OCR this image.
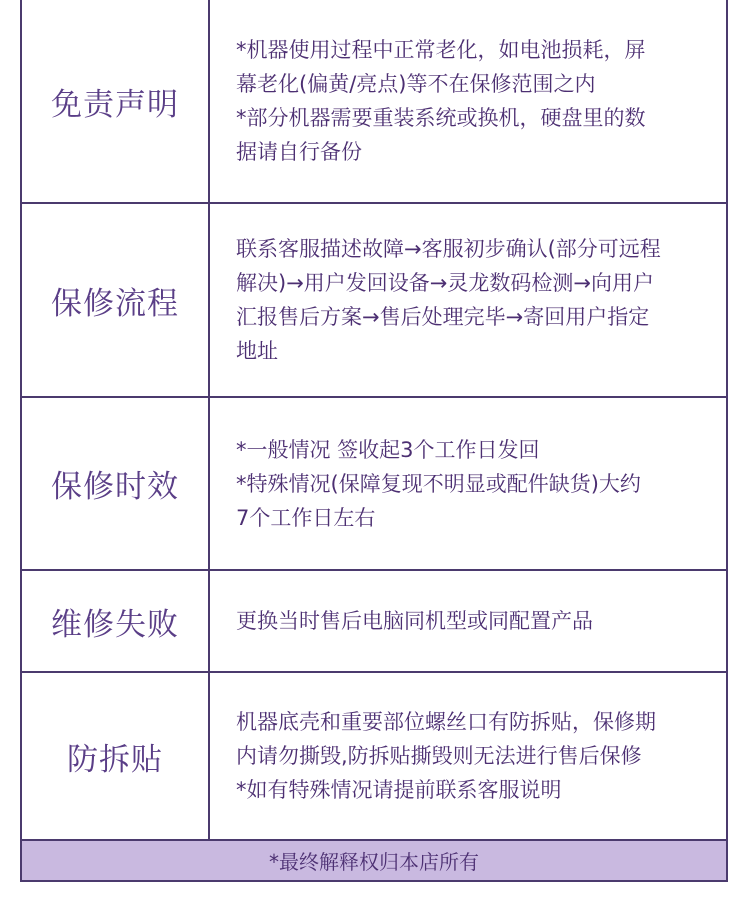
免责声明
*机器使用过程中正常老化，如电池损耗，屏
幕老化(偏黄/亮点)等不在保修范围之内
*部分机器需要重装系统或换机，硬盘里的数
据请自行备份
保修流程
联系客服描述故障→客服初步确认(部分可远程
解决)→用户发回设备→灵龙数码检测→向用户
汇报售后方案→售后处理完毕→寄回用户指定
地址
保修时效
*一般情况 签收起3个工作日发回
*特殊情况(保障复现不明显或配件缺货)大约
7个工作日左右
维修失败	更换当时售后电脑同机型或同配置产品
防拆贴
机器底壳和重要部位螺丝口有防拆贴，保修期
内请勿撕毁,防拆贴撕毁则无法进行售后保修
*如有特殊情况请提前联系客服说明
*最终解释权归本店所有
